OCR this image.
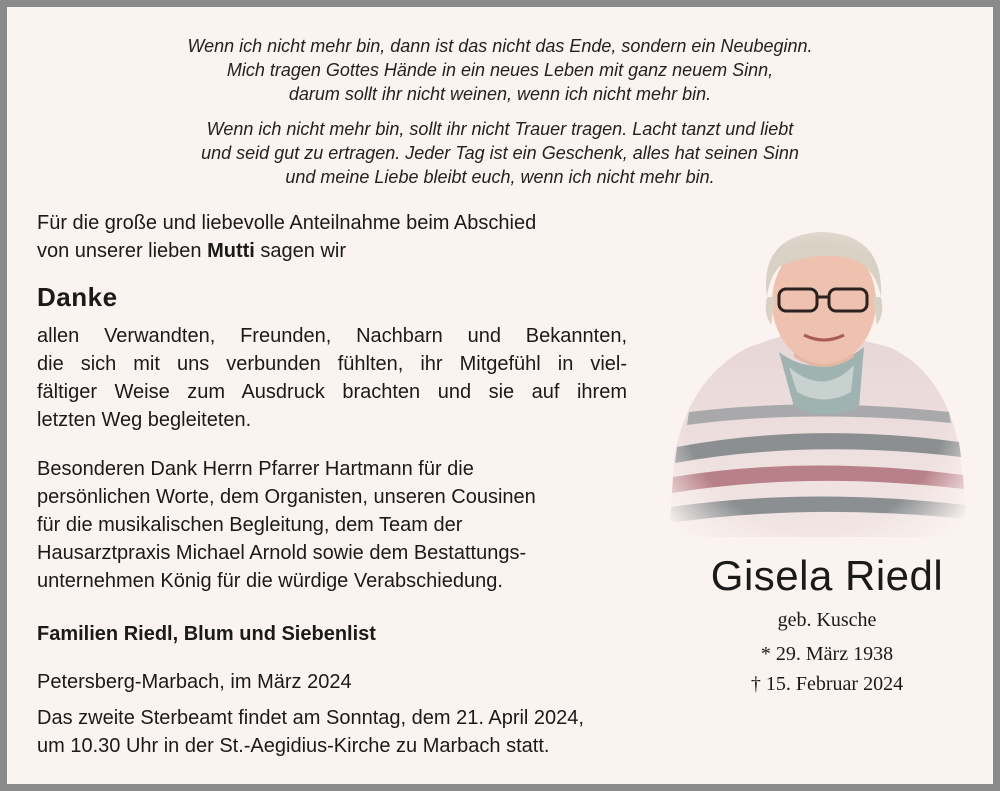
Wenn ich nicht mehr bin, dann ist das nicht das Ende, sondern ein Neubeginn.
Mich tragen Gottes Hände in ein neues Leben mit ganz neuem Sinn,
darum sollt ihr nicht weinen, wenn ich nicht mehr bin.
Wenn ich nicht mehr bin, sollt ihr nicht Trauer tragen. Lacht tanzt und liebt
und seid gut zu ertragen. Jeder Tag ist ein Geschenk, alles hat seinen Sinn
und meine Liebe bleibt euch, wenn ich nicht mehr bin.
Für die große und liebevolle Anteilnahme beim Abschied
von unserer lieben Mutti sagen wir
Danke
allen Verwandten, Freunden, Nachbarn und Bekannten,
die sich mit uns verbunden fühlten, ihr Mitgefühl in viel-
fältiger Weise zum Ausdruck brachten und sie auf ihrem
letzten Weg begleiteten.
Besonderen Dank Herrn Pfarrer Hartmann für die
persönlichen Worte, dem Organisten, unseren Cousinen
für die musikalischen Begleitung, dem Team der
Hausarztpraxis Michael Arnold sowie dem Bestattungs-
unternehmen König für die würdige Verabschiedung.
Familien Riedl, Blum und Siebenlist
Petersberg-Marbach, im März 2024
Das zweite Sterbeamt findet am Sonntag, dem 21. April 2024,
um 10.30 Uhr in der St.-Aegidius-Kirche zu Marbach statt.
Gisela Riedl
geb. Kusche
* 29. März 1938
† 15. Februar 2024
